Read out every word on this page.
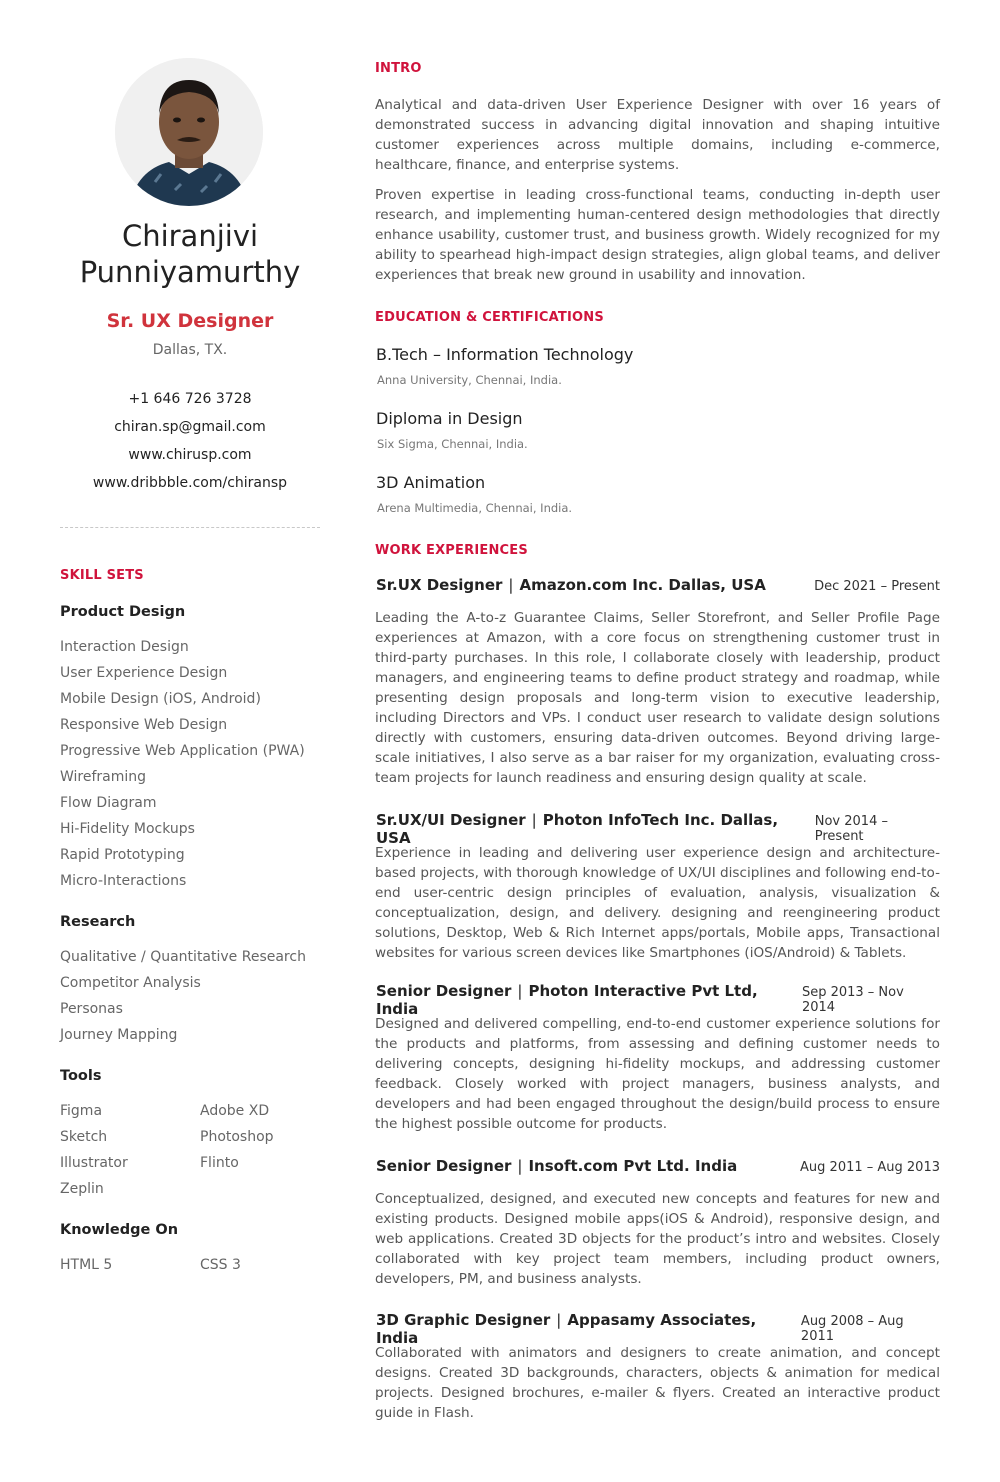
Chiranjivi
Punniyamurthy
Sr. UX Designer
Dallas, TX.
+1 646 726 3728
chiran.sp@gmail.com
www.chirusp.com
www.dribbble.com/chiransp
SKILL SETS
Product Design
Interaction Design
User Experience Design
Mobile Design (iOS, Android)
Responsive Web Design
Progressive Web Application (PWA)
Wireframing
Flow Diagram
Hi-Fidelity Mockups
Rapid Prototyping
Micro-Interactions
Research
Qualitative / Quantitative Research
Competitor Analysis
Personas
Journey Mapping
Tools
Figma	Adobe XD
Sketch	Photoshop
Illustrator	Flinto
Zeplin
Knowledge On
HTML 5	CSS 3
INTRO

Analytical and data-driven User Experience Designer with over 16 years of demonstrated success in advancing digital innovation and shaping intuitive customer experiences across multiple domains, including e-commerce, healthcare, finance, and enterprise systems.

Proven expertise in leading cross-functional teams, conducting in-depth user research, and implementing human-centered design methodologies that directly enhance usability, customer trust, and business growth. Widely recognized for my ability to spearhead high-impact design strategies, align global teams, and deliver experiences that break new ground in usability and innovation.

EDUCATION & CERTIFICATIONS
B.Tech – Information Technology
Anna University, Chennai, India.
Diploma in Design
Six Sigma, Chennai, India.
3D Animation
Arena Multimedia, Chennai, India.
WORK EXPERIENCES
Sr.UX Designer | Amazon.com Inc. Dallas, USA	Dec 2021 – Present

Leading the A-to-z Guarantee Claims, Seller Storefront, and Seller Profile Page experiences at Amazon, with a core focus on strengthening customer trust in third-party purchases. In this role, I collaborate closely with leadership, product managers, and engineering teams to define product strategy and roadmap, while presenting design proposals and long-term vision to executive leadership, including Directors and VPs. I conduct user research to validate design solutions directly with customers, ensuring data-driven outcomes. Beyond driving large-scale initiatives, I also serve as a bar raiser for my organization, evaluating cross-team projects for launch readiness and ensuring design quality at scale.

Sr.UX/UI Designer | Photon InfoTech Inc. Dallas, USA
Nov 2014 – Present

Experience in leading and delivering user experience design and architecture-based projects, with thorough knowledge of UX/UI disciplines and following end-to-end user-centric design principles of evaluation, analysis, visualization & conceptualization, design, and delivery. designing and reengineering product solutions, Desktop, Web & Rich Internet apps/portals, Mobile apps, Transactional websites for various screen devices like Smartphones (iOS/Android) & Tablets.

Senior Designer | Photon Interactive Pvt Ltd, India
Sep 2013 – Nov 2014

Designed and delivered compelling, end-to-end customer experience solutions for the products and platforms, from assessing and defining customer needs to delivering concepts, designing hi-fidelity mockups, and addressing customer feedback. Closely worked with project managers, business analysts, and developers and had been engaged throughout the design/build process to ensure the highest possible outcome for products.

Senior Designer | Insoft.com Pvt Ltd. India	Aug 2011 – Aug 2013

Conceptualized, designed, and executed new concepts and features for new and existing products. Designed mobile apps(iOS & Android), responsive design, and web applications. Created 3D objects for the product’s intro and websites. Closely collaborated with key project team members, including product owners, developers, PM, and business analysts.

3D Graphic Designer | Appasamy Associates, India
Aug 2008 – Aug 2011

Collaborated with animators and designers to create animation, and concept designs. Created 3D backgrounds, characters, objects & animation for medical projects. Designed brochures, e-mailer & flyers. Created an interactive product guide in Flash.
